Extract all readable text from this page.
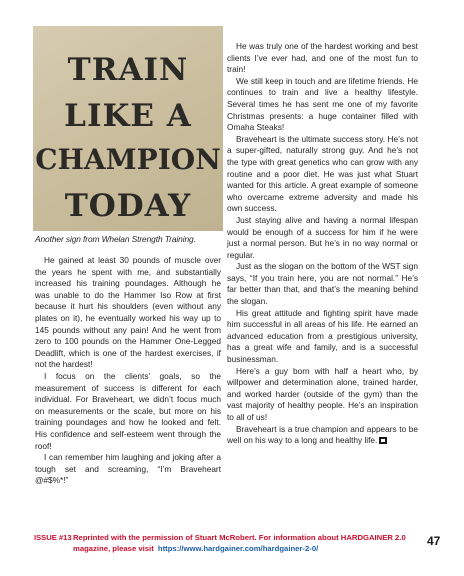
TRAIN
LIKE A
CHAMPION
TODAY
Another sign from Whelan Strength Training.

He gained at least 30 pounds of muscle over the years he spent with me, and substantially increased his training poundages. Although he was unable to do the Hammer Iso Row at first because it hurt his shoulders (even without any plates on it), he eventually worked his way up to 145 pounds without any pain! And he went from zero to 100 pounds on the Hammer One-Legged Deadlift, which is one of the hardest exercises, if not the hardest!

I focus on the clients’ goals, so the measurement of success is different for each individual. For Braveheart, we didn’t focus much on measurements or the scale, but more on his training poundages and how he looked and felt. His confidence and self-esteem went through the roof!

I can remember him laughing and joking after a tough set and screaming, “I’m Braveheart @#$%*!”

He was truly one of the hardest working and best clients I’ve ever had, and one of the most fun to train!

We still keep in touch and are lifetime friends. He continues to train and live a healthy lifestyle. Several times he has sent me one of my favorite Christmas presents: a huge container filled with Omaha Steaks!

Braveheart is the ultimate success story. He’s not a super-gifted, naturally strong guy. And he’s not the type with great genetics who can grow with any routine and a poor diet. He was just what Stuart wanted for this article. A great example of someone who overcame extreme adversity and made his own success.

Just staying alive and having a normal lifespan would be enough of a success for him if he were just a normal person. But he’s in no way normal or regular.

Just as the slogan on the bottom of the WST sign says, “If you train here, you are not normal.” He’s far better than that, and that’s the meaning behind the slogan.

His great attitude and fighting spirit have made him successful in all areas of his life. He earned an advanced education from a prestigious university, has a great wife and family, and is a successful businessman.

Here’s a guy born with half a heart who, by willpower and determination alone, trained harder, and worked harder (outside of the gym) than the vast majority of healthy people. He’s an inspiration to all of us!

Braveheart is a true champion and appears to be well on his way to a long and healthy life.

ISSUE #13 Reprinted with the permission of Stuart McRobert. For information about HARDGAINER 2.0 magazine, please visit https://www.hardgainer.com/hardgainer-2-0/
47
